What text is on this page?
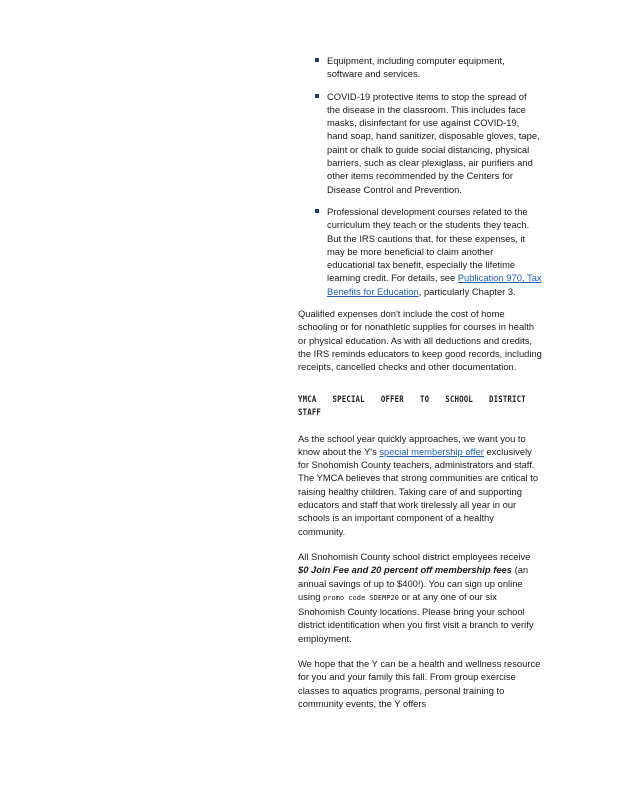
Equipment, including computer equipment, software and services.
COVID-19 protective items to stop the spread of the disease in the classroom. This includes face masks, disinfectant for use against COVID-19, hand soap, hand sanitizer, disposable gloves, tape, paint or chalk to guide social distancing, physical barriers, such as clear plexiglass, air purifiers and other items recommended by the Centers for Disease Control and Prevention.
Professional development courses related to the curriculum they teach or the students they teach. But the IRS cautions that, for these expenses, it may be more beneficial to claim another educational tax benefit, especially the lifetime learning credit. For details, see Publication 970, Tax Benefits for Education, particularly Chapter 3.

Qualified expenses don't include the cost of home schooling or for nonathletic supplies for courses in health or physical education. As with all deductions and credits, the IRS reminds educators to keep good records, including receipts, cancelled checks and other documentation.

YMCA SPECIAL OFFER TO SCHOOL DISTRICT STAFF

As the school year quickly approaches, we want you to know about the Y's special membership offer exclusively for Snohomish County teachers, administrators and staff. The YMCA believes that strong communities are critical to raising healthy children. Taking care of and supporting educators and staff that work tirelessly all year in our schools is an important component of a healthy community.

All Snohomish County school district employees receive $0 Join Fee and 20 percent off membership fees (an annual savings of up to $400!). You can sign up online using promo code SDEMP20 or at any one of our six Snohomish County locations. Please bring your school district identification when you first visit a branch to verify employment.

We hope that the Y can be a health and wellness resource for you and your family this fall. From group exercise classes to aquatics programs, personal training to community events, the Y offers
